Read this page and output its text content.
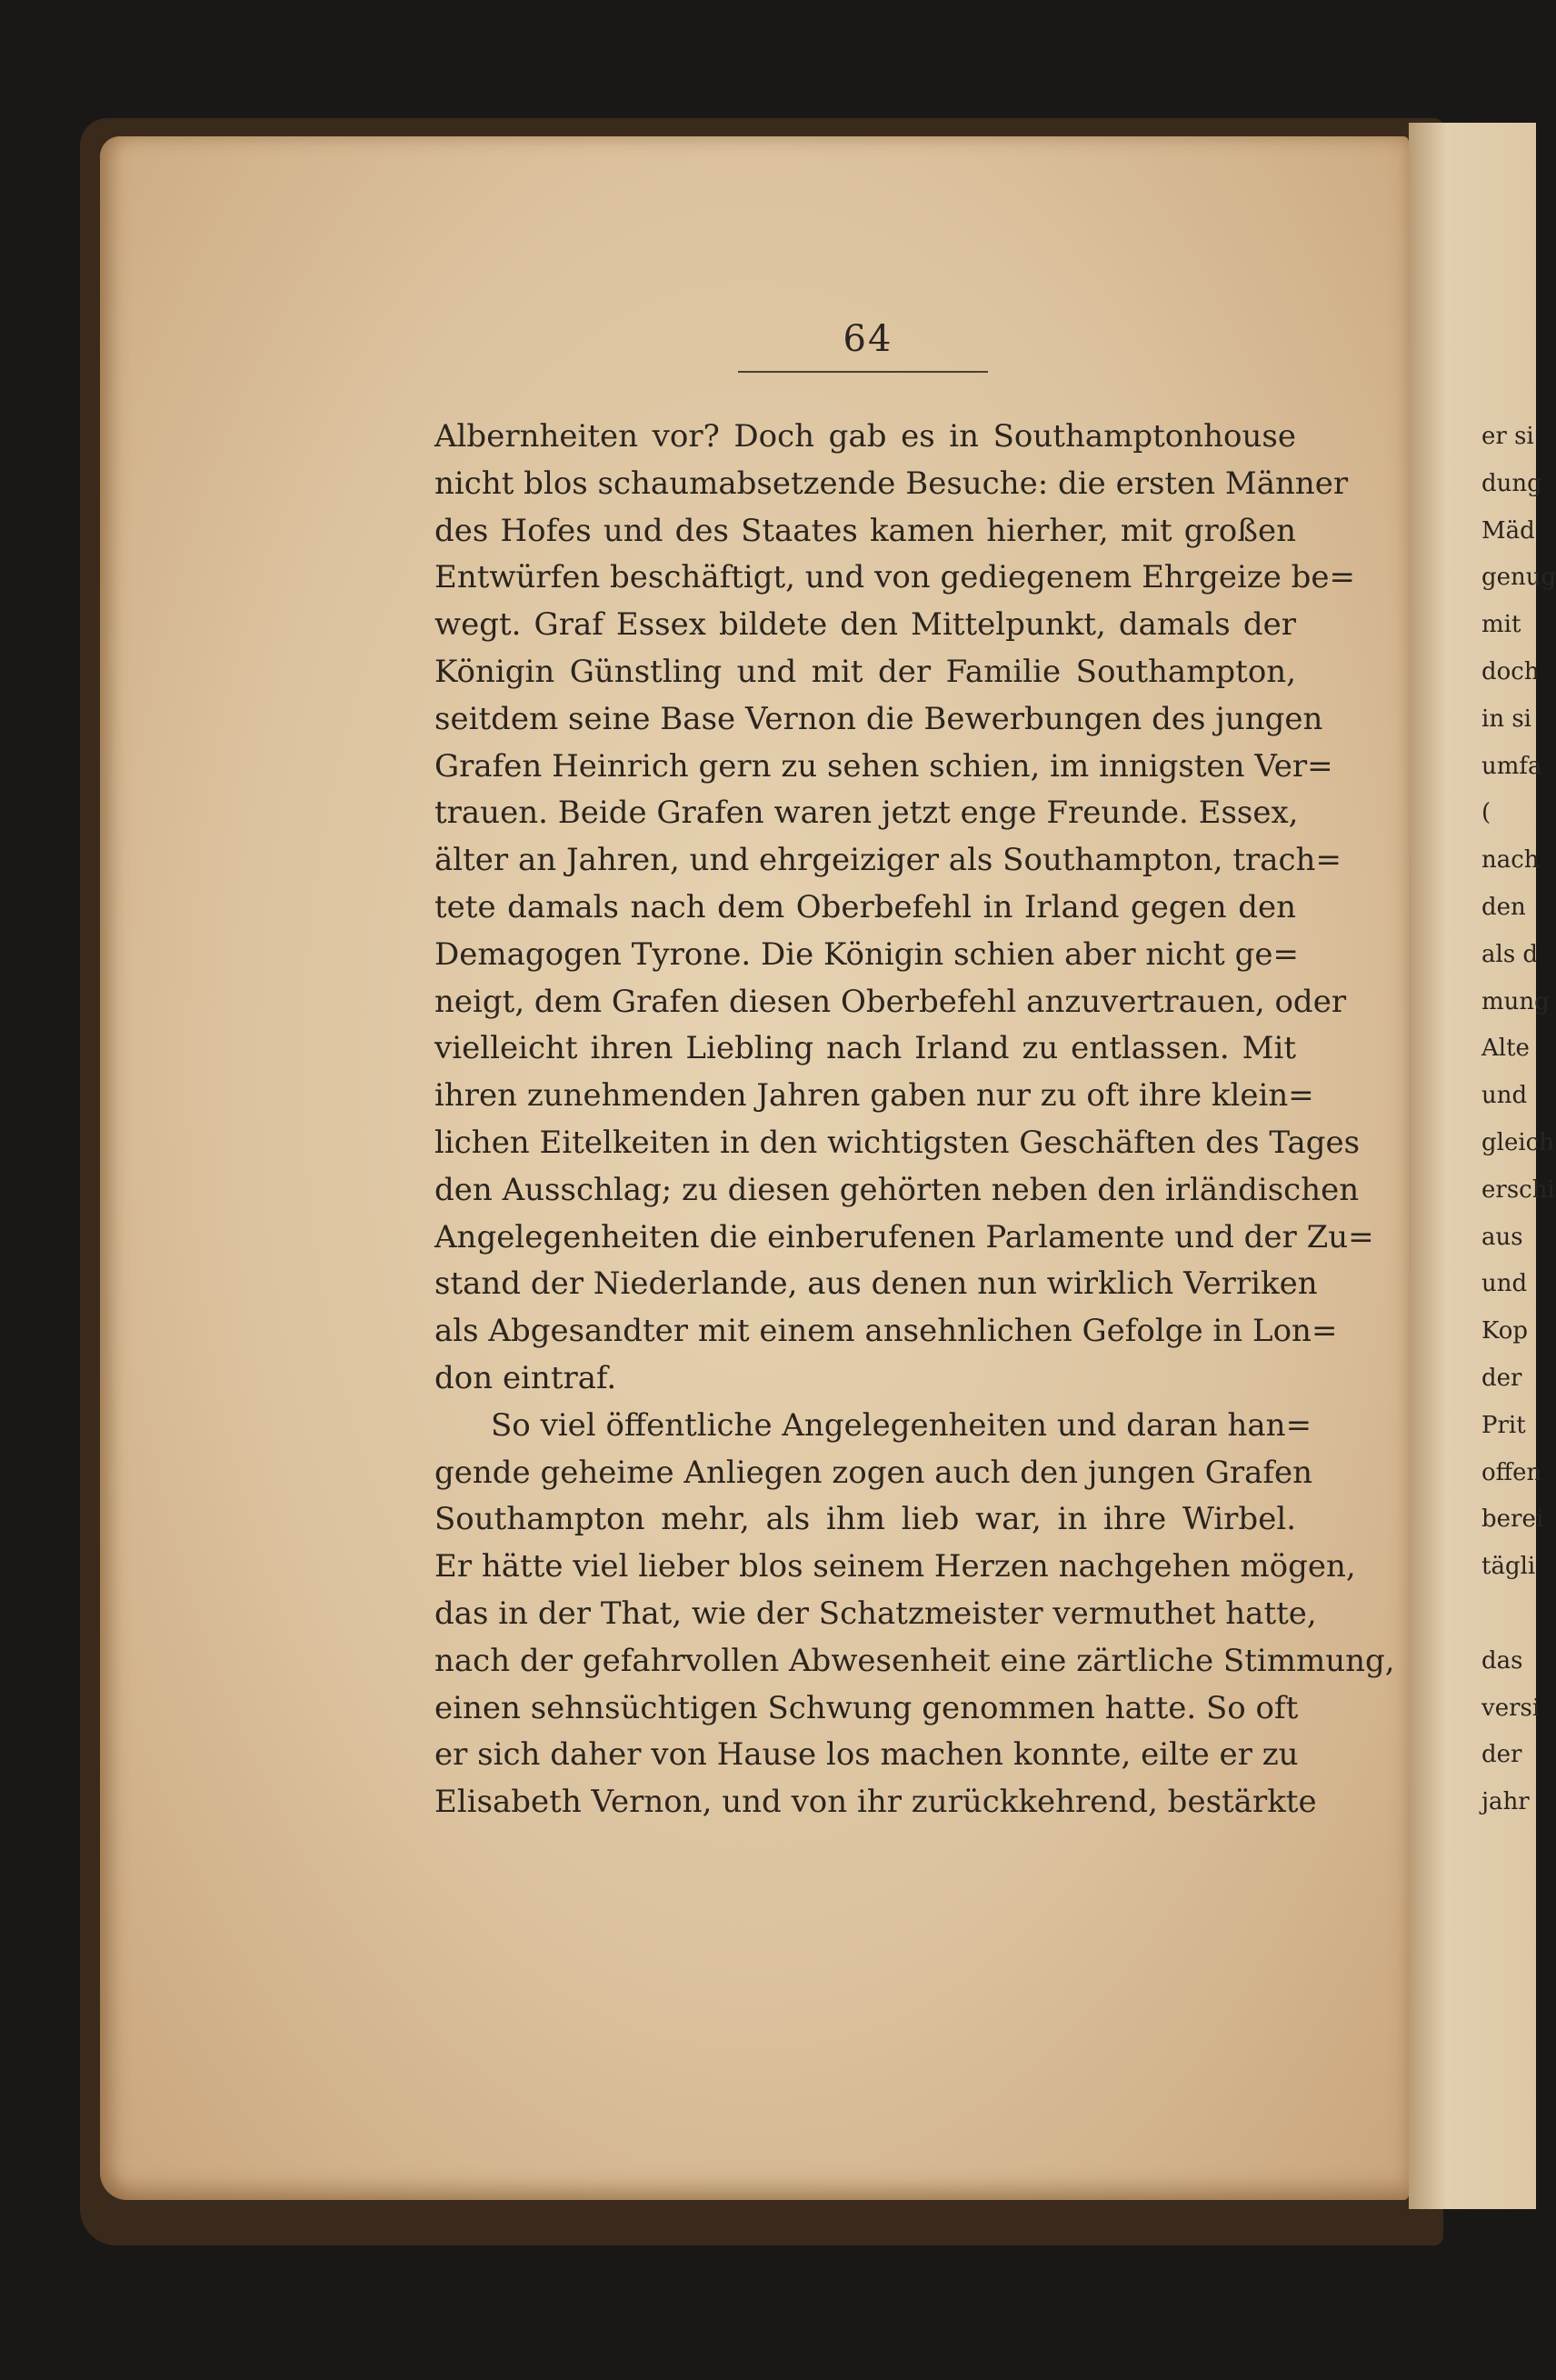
64
Albernheiten vor? Doch gab es in Southamptonhouse
nicht blos schaumabsetzende Besuche: die ersten Männer
des Hofes und des Staates kamen hierher, mit großen
Entwürfen beschäftigt, und von gediegenem Ehrgeize be=
wegt. Graf Essex bildete den Mittelpunkt, damals der
Königin Günstling und mit der Familie Southampton,
seitdem seine Base Vernon die Bewerbungen des jungen
Grafen Heinrich gern zu sehen schien, im innigsten Ver=
trauen. Beide Grafen waren jetzt enge Freunde. Essex,
älter an Jahren, und ehrgeiziger als Southampton, trach=
tete damals nach dem Oberbefehl in Irland gegen den
Demagogen Tyrone. Die Königin schien aber nicht ge=
neigt, dem Grafen diesen Oberbefehl anzuvertrauen, oder
vielleicht ihren Liebling nach Irland zu entlassen. Mit
ihren zunehmenden Jahren gaben nur zu oft ihre klein=
lichen Eitelkeiten in den wichtigsten Geschäften des Tages
den Ausschlag; zu diesen gehörten neben den irländischen
Angelegenheiten die einberufenen Parlamente und der Zu=
stand der Niederlande, aus denen nun wirklich Verriken
als Abgesandter mit einem ansehnlichen Gefolge in Lon=
don eintraf.
So viel öffentliche Angelegenheiten und daran han=
gende geheime Anliegen zogen auch den jungen Grafen
Southampton mehr, als ihm lieb war, in ihre Wirbel.
Er hätte viel lieber blos seinem Herzen nachgehen mögen,
das in der That, wie der Schatzmeister vermuthet hatte,
nach der gefahrvollen Abwesenheit eine zärtliche Stimmung,
einen sehnsüchtigen Schwung genommen hatte. So oft
er sich daher von Hause los machen konnte, eilte er zu
Elisabeth Vernon, und von ihr zurückkehrend, bestärkte
er si
dung
Mäd
genug
mit
doch
in si
umfa
(
nach
den
als d
mung
Alte
und
gleich
erschi
aus
und
Kop
der
Prit
offen
berei
tägli
das
versi
der
jahr
